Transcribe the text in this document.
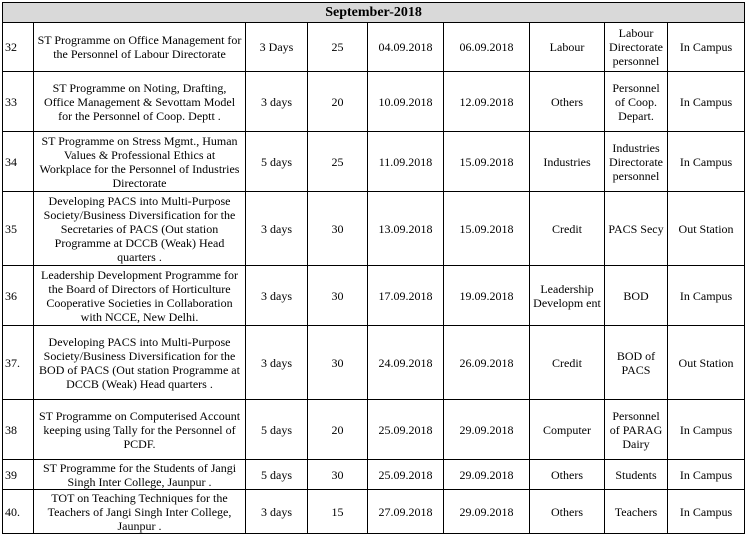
September-2018								
32	ST Programme on Office Management for the Personnel of Labour Directorate	3 Days	25	04.09.2018	06.09.2018	Labour	Labour Directorate personnel	In Campus
33	ST Programme on Noting, Drafting, Office Management & Sevottam Model for the Personnel of Coop. Deptt .	3 days	20	10.09.2018	12.09.2018	Others	Personnel of Coop. Depart.	In Campus
34	ST Programme on Stress Mgmt., Human Values & Professional Ethics at Workplace for the Personnel of Industries Directorate	5 days	25	11.09.2018	15.09.2018	Industries	Industries Directorate personnel	In Campus
35	Developing PACS into Multi-Purpose Society/Business Diversification for the Secretaries of PACS (Out station Programme at DCCB (Weak) Head quarters .	3 days	30	13.09.2018	15.09.2018	Credit	PACS Secy	Out Station
36	Leadership Development Programme for the Board of Directors of Horticulture Cooperative Societies in Collaboration with NCCE, New Delhi.	3 days	30	17.09.2018	19.09.2018	Leadership Developm ent	BOD	In Campus
37.	Developing PACS into Multi-Purpose Society/Business Diversification for the BOD of PACS (Out station Programme at DCCB (Weak) Head quarters .	3 days	30	24.09.2018	26.09.2018	Credit	BOD of PACS	Out Station
38	ST Programme on Computerised Account keeping using Tally for the Personnel of PCDF.	5 days	20	25.09.2018	29.09.2018	Computer	Personnel of PARAG Dairy	In Campus
39	ST Programme for the Students of Jangi Singh Inter College, Jaunpur .	5 days	30	25.09.2018	29.09.2018	Others	Students	In Campus
40.	TOT on Teaching Techniques for the Teachers of Jangi Singh Inter College, Jaunpur .	3 days	15	27.09.2018	29.09.2018	Others	Teachers	In Campus
